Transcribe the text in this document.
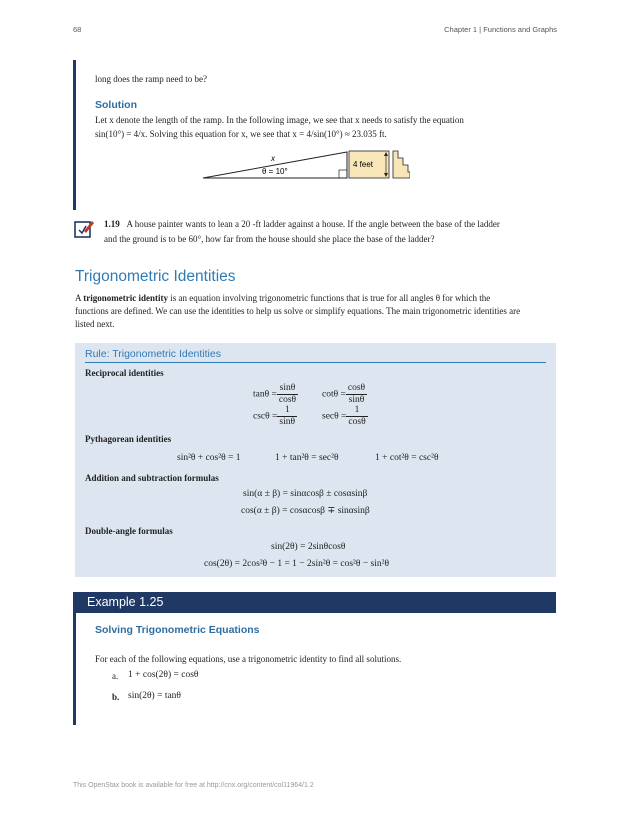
68	Chapter 1 | Functions and Graphs
long does the ramp need to be?
Solution
Let x denote the length of the ramp. In the following image, we see that x needs to satisfy the equation
sin(10°) = 4/x. Solving this equation for x, we see that x = 4/sin(10°) ≈ 23.035 ft.
x
θ = 10°
4 feet
1.19 A house painter wants to lean a 20 -ft ladder against a house. If the angle between the base of the ladder
and the ground is to be 60°, how far from the house should she place the base of the ladder?
Trigonometric Identities
A trigonometric identity is an equation involving trigonometric functions that is true for all angles θ for which the
functions are defined. We can use the identities to help us solve or simplify equations. The main trigonometric identities are
listed next.
Rule: Trigonometric Identities
Reciprocal identities
$\tan\theta = \frac{\sin\theta}{\cos\theta}$	$\cot\theta = \frac{\cos\theta}{\sin\theta}$
$\csc\theta = \frac{1}{\sin\theta}$	$\sec\theta = \frac{1}{\cos\theta}$
Pythagorean identities
sin²θ + cos²θ = 1	1 + tan²θ = sec²θ	1 + cot²θ = csc²θ
Addition and subtraction formulas
sin(α ± β) = sinαcosβ ± cosαsinβ
cos(α ± β) = cosαcosβ ∓ sinαsinβ
Double-angle formulas
sin(2θ) = 2sinθcosθ
cos(2θ) = 2cos²θ − 1 = 1 − 2sin²θ = cos²θ − sin²θ
Example 1.25
Solving Trigonometric Equations
For each of the following equations, use a trigonometric identity to find all solutions.
a. 1 + cos(2θ) = cosθ
b. sin(2θ) = tanθ
This OpenStax book is available for free at http://cnx.org/content/col11964/1.2
